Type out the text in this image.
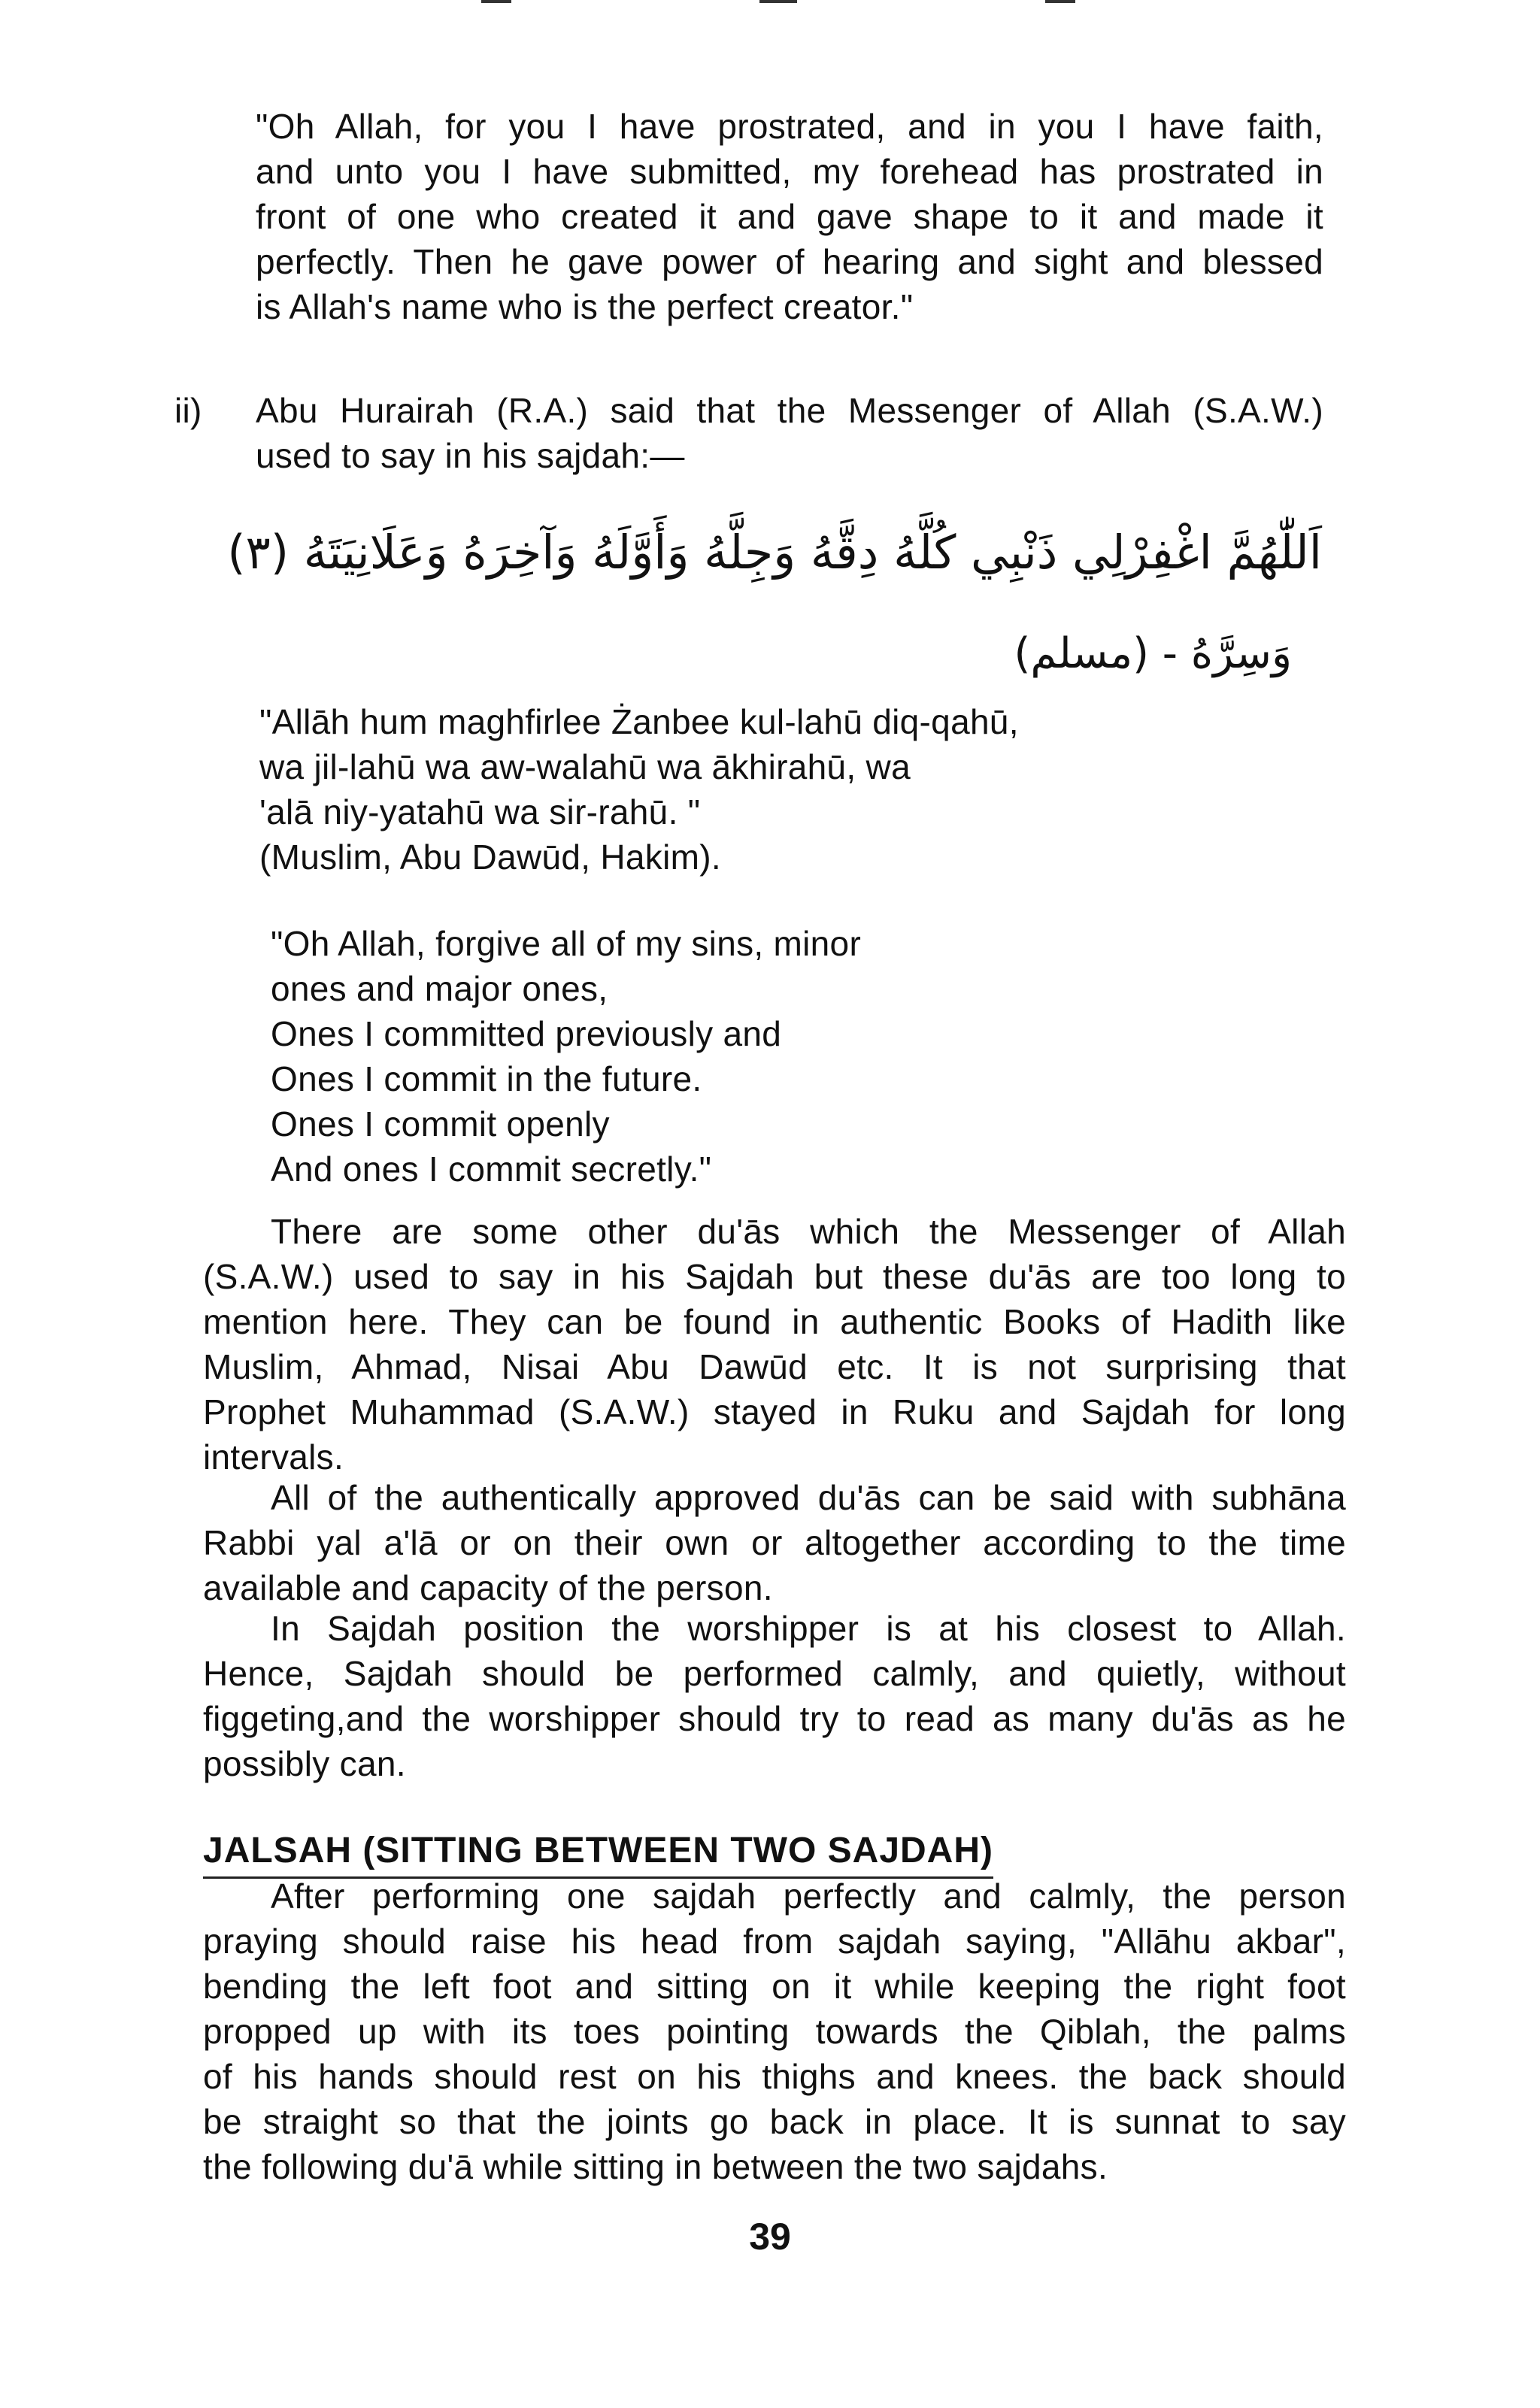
"Oh Allah, for you I have prostrated, and in you I have faith,
and unto you I have submitted, my forehead has prostrated in
front of one who created it and gave shape to it and made it
perfectly. Then he gave power of hearing and sight and blessed
is Allah's name who is the perfect creator."
ii) Abu Hurairah (R.A.) said that the Messenger of Allah (S.A.W.)
used to say in his sajdah:—
اَللّٰهُمَّ اغْفِرْلِي ذَنْبِي كُلَّهُ دِقَّهُ وَجِلَّهُ وَأَوَّلَهُ وَآخِرَهُ وَعَلَانِيَتَهُ (٣)
وَسِرَّهُ - (مسلم)
"Allāh hum maghfirlee Żanbee kul-lahū diq-qahū,
wa jil-lahū wa aw-walahū wa ākhirahū, wa
'alā niy-yatahū wa sir-rahū. "
(Muslim, Abu Dawūd, Hakim).
"Oh Allah, forgive all of my sins, minor
ones and major ones,
Ones I committed previously and
Ones I commit in the future.
Ones I commit openly
And ones I commit secretly."
There are some other du'ās which the Messenger of Allah
(S.A.W.) used to say in his Sajdah but these du'ās are too long to
mention here. They can be found in authentic Books of Hadith like
Muslim, Ahmad, Nisai Abu Dawūd etc. It is not surprising that
Prophet Muhammad (S.A.W.) stayed in Ruku and Sajdah for long
intervals.
All of the authentically approved du'ās can be said with subhāna
Rabbi yal a'lā or on their own or altogether according to the time
available and capacity of the person.
In Sajdah position the worshipper is at his closest to Allah.
Hence, Sajdah should be performed calmly, and quietly, without
figgeting,and the worshipper should try to read as many du'ās as he
possibly can.
JALSAH (SITTING BETWEEN TWO SAJDAH)
After performing one sajdah perfectly and calmly, the person
praying should raise his head from sajdah saying, "Allāhu akbar",
bending the left foot and sitting on it while keeping the right foot
propped up with its toes pointing towards the Qiblah, the palms
of his hands should rest on his thighs and knees. the back should
be straight so that the joints go back in place. It is sunnat to say
the following du'ā while sitting in between the two sajdahs.
39
